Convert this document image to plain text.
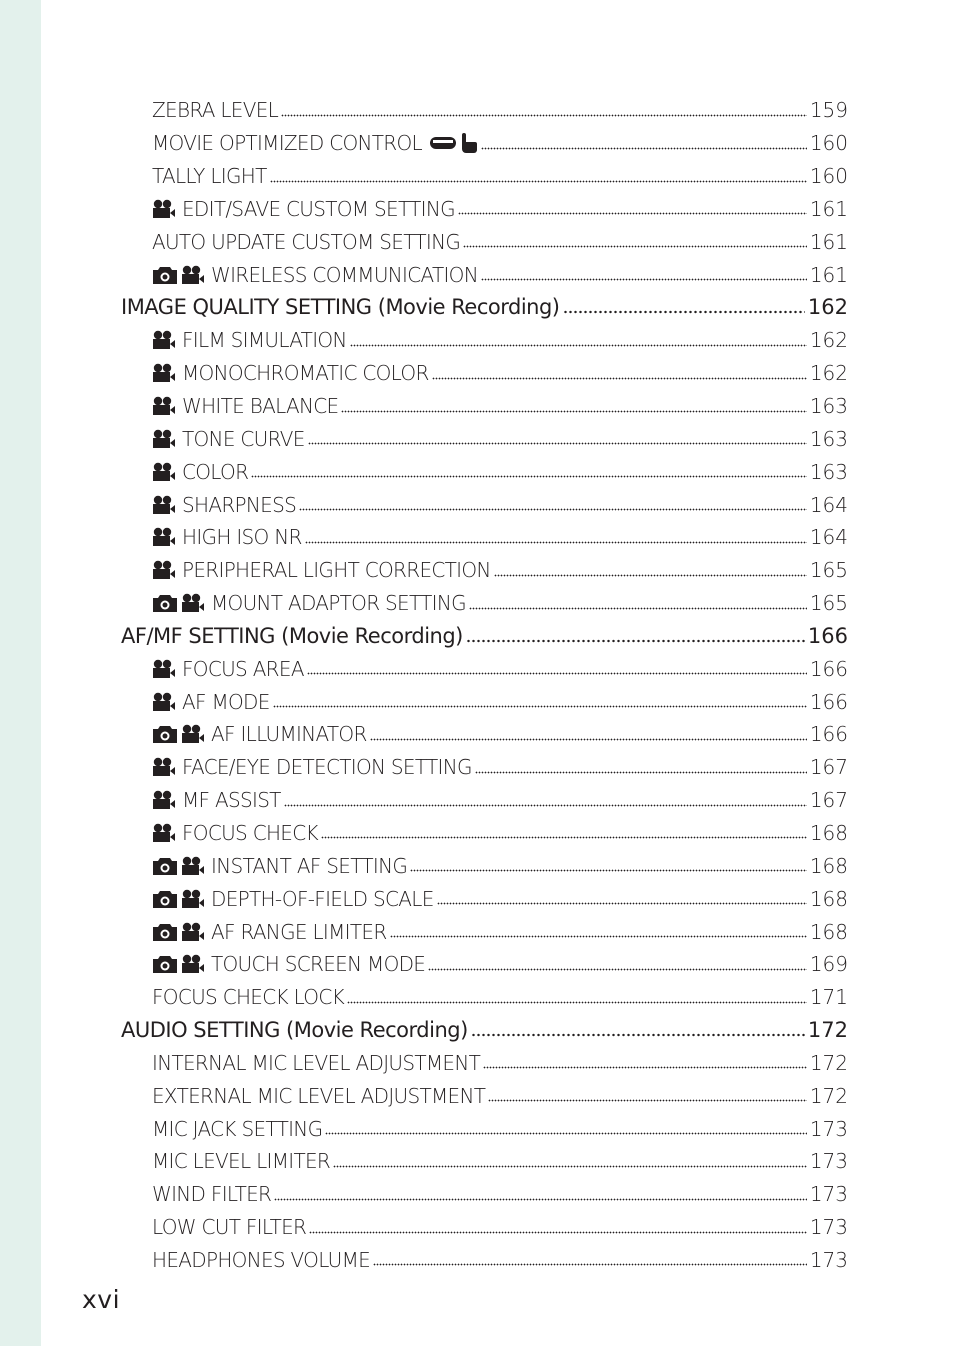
ZEBRA LEVEL	159
MOVIE OPTIMIZED CONTROL	160
TALLY LIGHT	160
EDIT/SAVE CUSTOM SETTING	161
AUTO UPDATE CUSTOM SETTING	161
WIRELESS COMMUNICATION	161
IMAGE QUALITY SETTING (Movie Recording)	162
FILM SIMULATION	162
MONOCHROMATIC COLOR	162
WHITE BALANCE	163
TONE CURVE	163
COLOR	163
SHARPNESS	164
HIGH ISO NR	164
PERIPHERAL LIGHT CORRECTION	165
MOUNT ADAPTOR SETTING	165
AF/MF SETTING (Movie Recording)	166
FOCUS AREA	166
AF MODE	166
AF ILLUMINATOR	166
FACE/EYE DETECTION SETTING	167
MF ASSIST	167
FOCUS CHECK	168
INSTANT AF SETTING	168
DEPTH-OF-FIELD SCALE	168
AF RANGE LIMITER	168
TOUCH SCREEN MODE	169
FOCUS CHECK LOCK	171
AUDIO SETTING (Movie Recording)	172
INTERNAL MIC LEVEL ADJUSTMENT	172
EXTERNAL MIC LEVEL ADJUSTMENT	172
MIC JACK SETTING	173
MIC LEVEL LIMITER	173
WIND FILTER	173
LOW CUT FILTER	173
HEADPHONES VOLUME	173
xvi
